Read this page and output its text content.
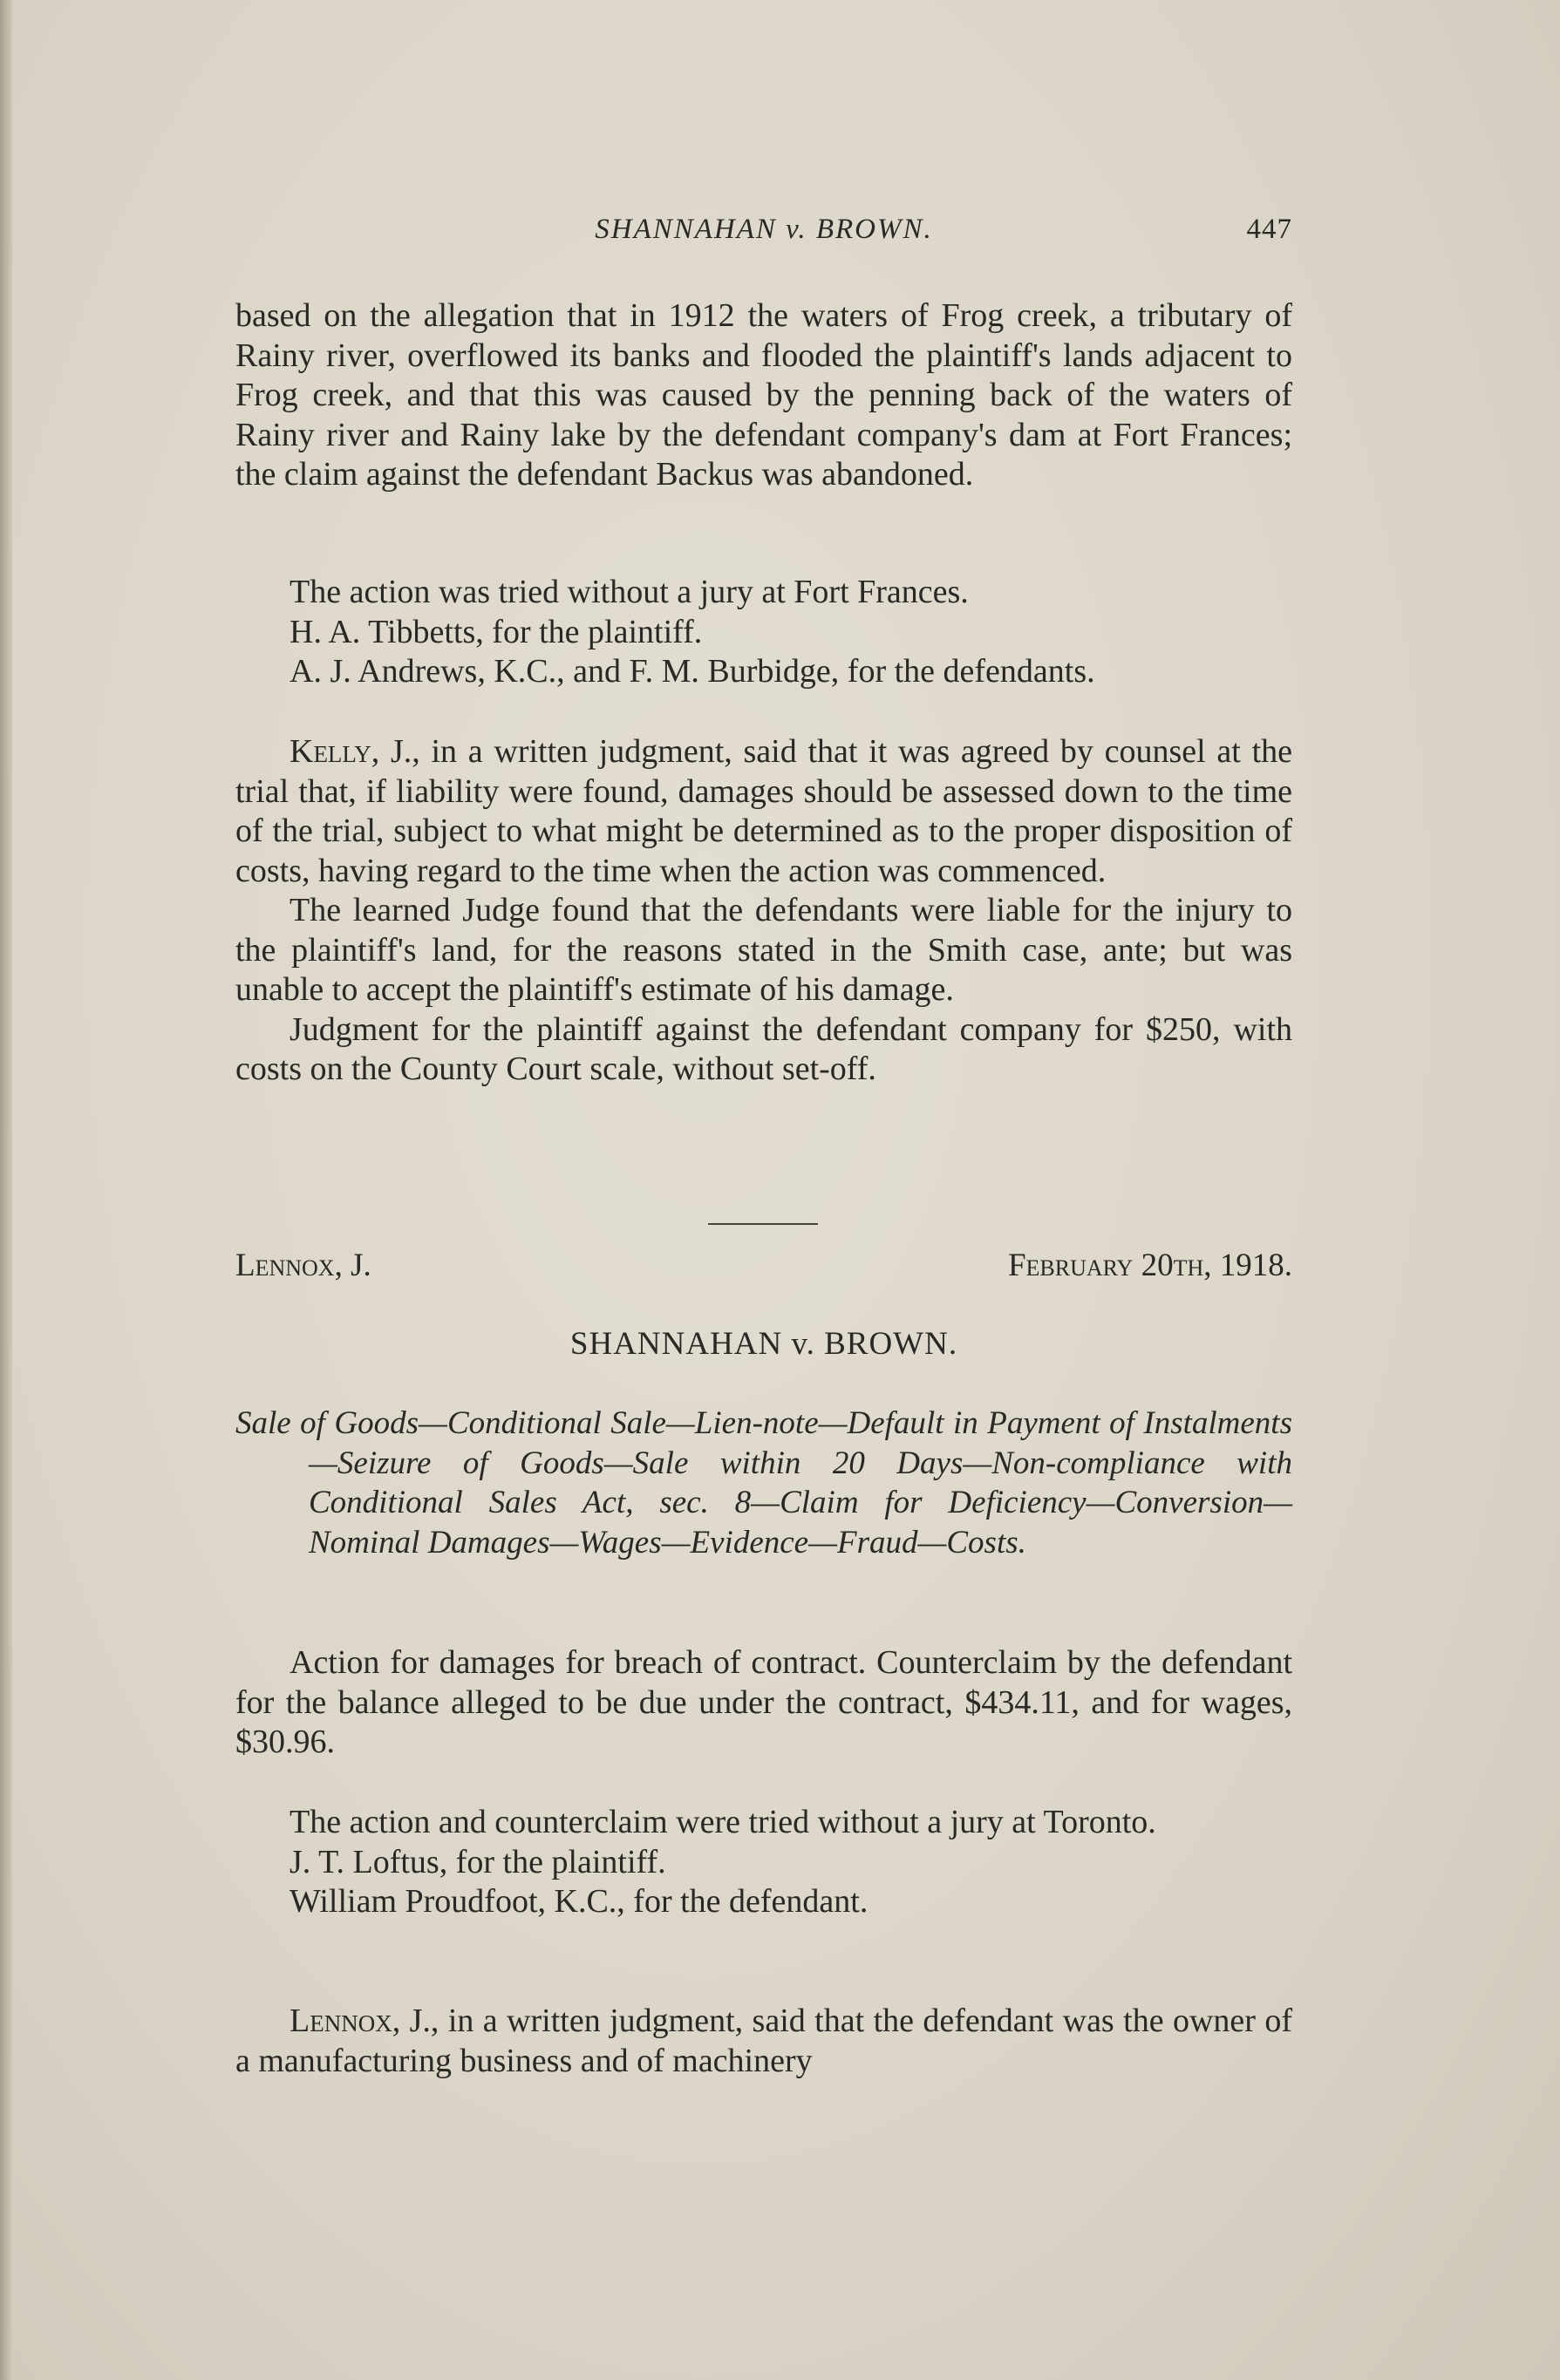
SHANNAHAN v. BROWN.	447

based on the allegation that in 1912 the waters of Frog creek, a tributary of Rainy river, overflowed its banks and flooded the plaintiff's lands adjacent to Frog creek, and that this was caused by the penning back of the waters of Rainy river and Rainy lake by the defendant company's dam at Fort Frances; the claim against the defendant Backus was abandoned.

The action was tried without a jury at Fort Frances.

H. A. Tibbetts, for the plaintiff.

A. J. Andrews, K.C., and F. M. Burbidge, for the defendants.

Kelly, J., in a written judgment, said that it was agreed by counsel at the trial that, if liability were found, damages should be assessed down to the time of the trial, subject to what might be determined as to the proper disposition of costs, having regard to the time when the action was commenced.

The learned Judge found that the defendants were liable for the injury to the plaintiff's land, for the reasons stated in the Smith case, ante; but was unable to accept the plaintiff's estimate of his damage.

Judgment for the plaintiff against the defendant company for $250, with costs on the County Court scale, without set-off.

Lennox, J.	February 20th, 1918.
SHANNAHAN v. BROWN.
Sale of Goods—Conditional Sale—Lien-note—Default in Payment of Instalments—Seizure of Goods—Sale within 20 Days—Non-compliance with Conditional Sales Act, sec. 8—Claim for Deficiency—Conversion—Nominal Damages—Wages—Evidence—Fraud—Costs.

Action for damages for breach of contract. Counterclaim by the defendant for the balance alleged to be due under the contract, $434.11, and for wages, $30.96.

The action and counterclaim were tried without a jury at Toronto.

J. T. Loftus, for the plaintiff.

William Proudfoot, K.C., for the defendant.

Lennox, J., in a written judgment, said that the defendant was the owner of a manufacturing business and of machinery
